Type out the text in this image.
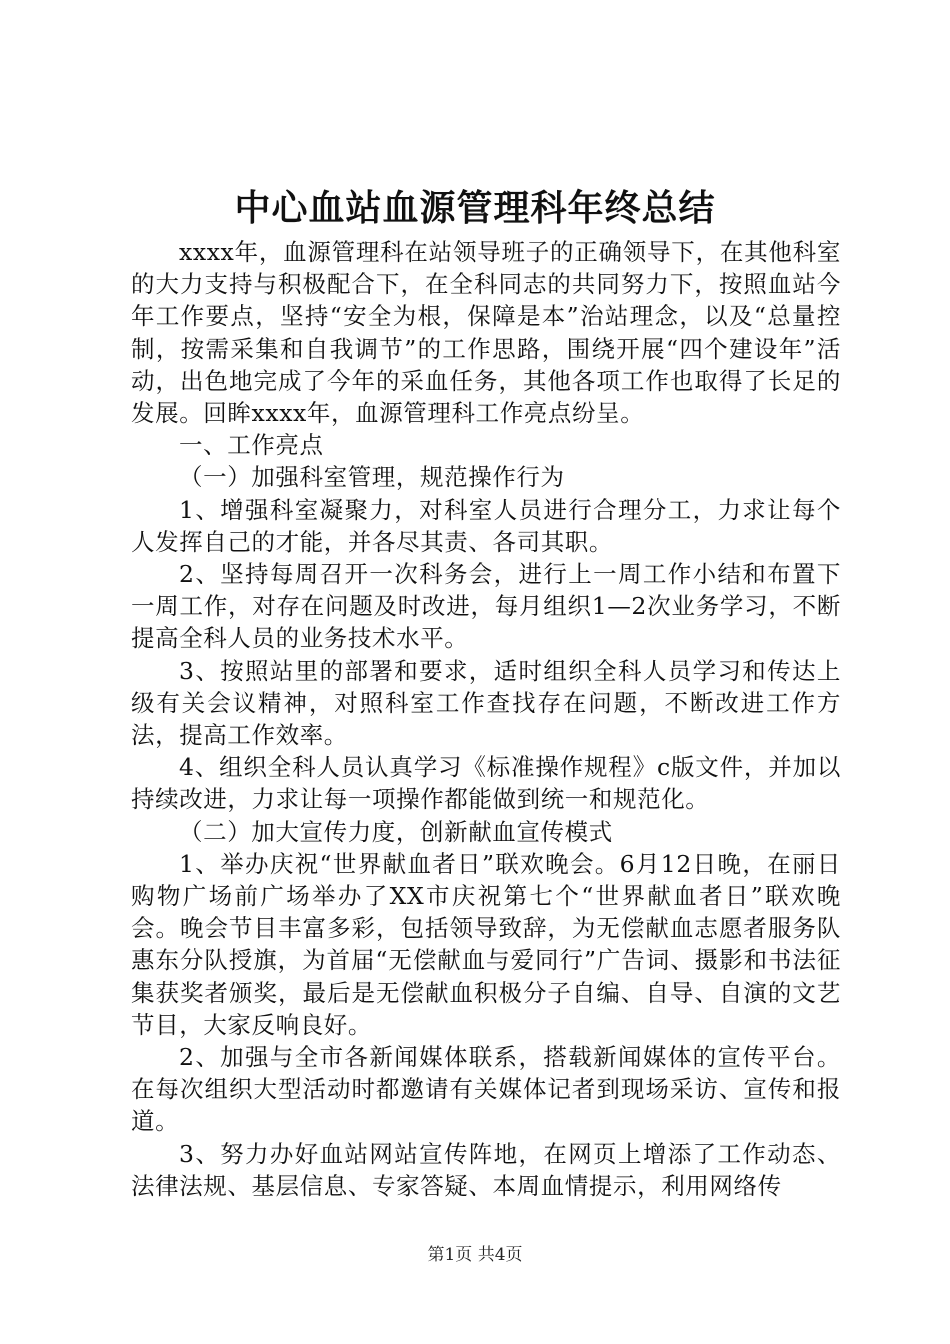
中心血站血源管理科年终总结

xxxx年，血源管理科在站领导班子的正确领导下，在其他科室的大力支持与积极配合下，在全科同志的共同努力下，按照血站今年工作要点，坚持“安全为根，保障是本”治站理念，以及“总量控制，按需采集和自我调节”的工作思路，围绕开展“四个建设年”活动，出色地完成了今年的采血任务，其他各项工作也取得了长足的发展。回眸xxxx年，血源管理科工作亮点纷呈。

一、工作亮点

（一）加强科室管理，规范操作行为

1、增强科室凝聚力，对科室人员进行合理分工，力求让每个人发挥自己的才能，并各尽其责、各司其职。

2、坚持每周召开一次科务会，进行上一周工作小结和布置下一周工作，对存在问题及时改进，每月组织1—2次业务学习，不断提高全科人员的业务技术水平。

3、按照站里的部署和要求，适时组织全科人员学习和传达上级有关会议精神，对照科室工作查找存在问题，不断改进工作方法，提高工作效率。

4、组织全科人员认真学习《标准操作规程》c版文件，并加以持续改进，力求让每一项操作都能做到统一和规范化。

（二）加大宣传力度，创新献血宣传模式

1、举办庆祝“世界献血者日”联欢晚会。6月12日晚，在丽日购物广场前广场举办了XX市庆祝第七个“世界献血者日”联欢晚会。晚会节目丰富多彩，包括领导致辞，为无偿献血志愿者服务队惠东分队授旗，为首届“无偿献血与爱同行”广告词、摄影和书法征集获奖者颁奖，最后是无偿献血积极分子自编、自导、自演的文艺节目，大家反响良好。

2、加强与全市各新闻媒体联系，搭载新闻媒体的宣传平台。在每次组织大型活动时都邀请有关媒体记者到现场采访、宣传和报道。

3、努力办好血站网站宣传阵地，在网页上增添了工作动态、法律法规、基层信息、专家答疑、本周血情提示，利用网络传

第1页 共4页
